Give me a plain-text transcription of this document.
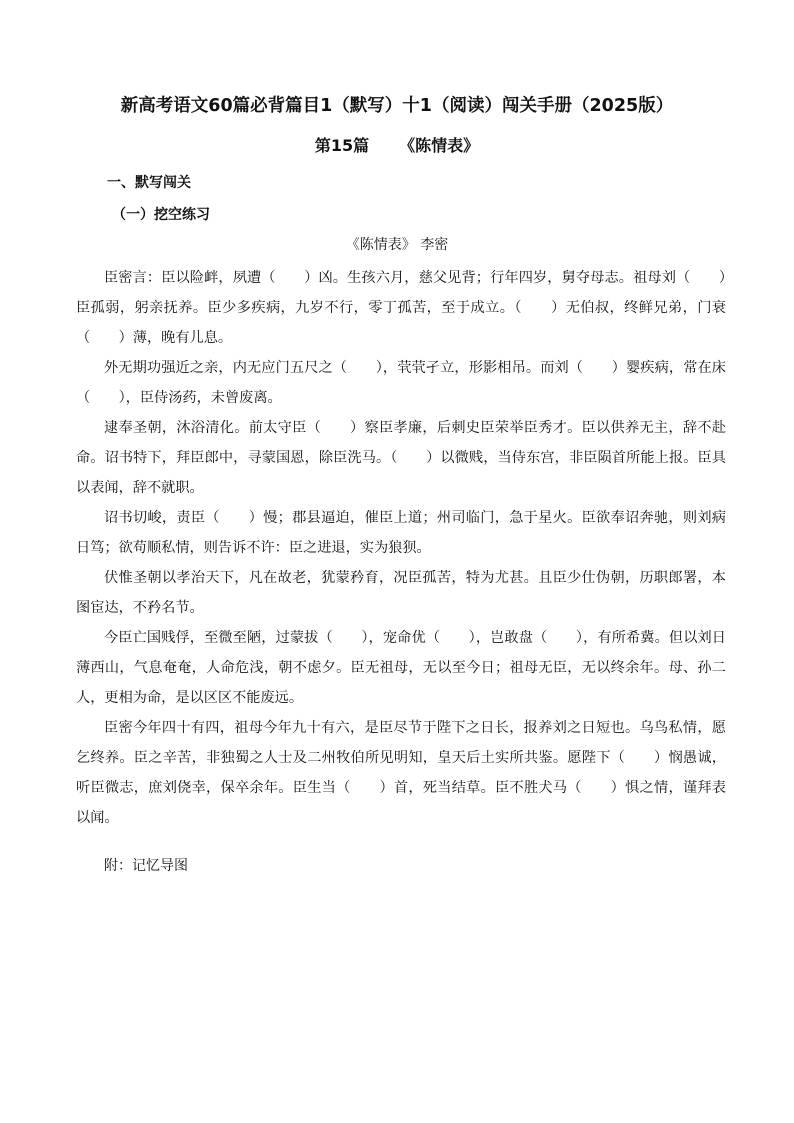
新高考语文60篇必背篇目1（默写）十1（阅读）闯关手册（2025版）
第15篇 《陈情表》
一、默写闯关
（一）挖空练习
《陈情表》 李密

臣密言：臣以险衅，夙遭（　　）凶。生孩六月，慈父见背；行年四岁，舅夺母志。祖母刘（　　）臣孤弱，躬亲抚养。臣少多疾病，九岁不行，零丁孤苦，至于成立。（　　）无伯叔，终鲜兄弟，门衰（　　）薄，晚有儿息。

外无期功强近之亲，内无应门五尺之（　　），茕茕孑立，形影相吊。而刘（　　）婴疾病，常在床（　　），臣侍汤药，未曾废离。

逮奉圣朝，沐浴清化。前太守臣（　　）察臣孝廉，后刺史臣荣举臣秀才。臣以供养无主，辞不赴命。诏书特下，拜臣郎中，寻蒙国恩，除臣洗马。（　　）以微贱，当侍东宫，非臣陨首所能上报。臣具以表闻，辞不就职。

诏书切峻，责臣（　　）慢；郡县逼迫，催臣上道；州司临门，急于星火。臣欲奉诏奔驰，则刘病日笃；欲苟顺私情，则告诉不许：臣之进退，实为狼狈。

伏惟圣朝以孝治天下，凡在故老，犹蒙矜育，况臣孤苦，特为尤甚。且臣少仕伪朝，历职郎署，本图宦达，不矜名节。

今臣亡国贱俘，至微至陋，过蒙拔（　　），宠命优（　　），岂敢盘（　　），有所希冀。但以刘日薄西山，气息奄奄，人命危浅，朝不虑夕。臣无祖母，无以至今日；祖母无臣，无以终余年。母、孙二人，更相为命，是以区区不能废远。

臣密今年四十有四，祖母今年九十有六，是臣尽节于陛下之日长，报养刘之日短也。乌鸟私情，愿乞终养。臣之辛苦，非独蜀之人士及二州牧伯所见明知，皇天后土实所共鉴。愿陛下（　　）悯愚诚，听臣微志，庶刘侥幸，保卒余年。臣生当（　　）首，死当结草。臣不胜犬马（　　）惧之情，谨拜表以闻。

附：记忆导图
